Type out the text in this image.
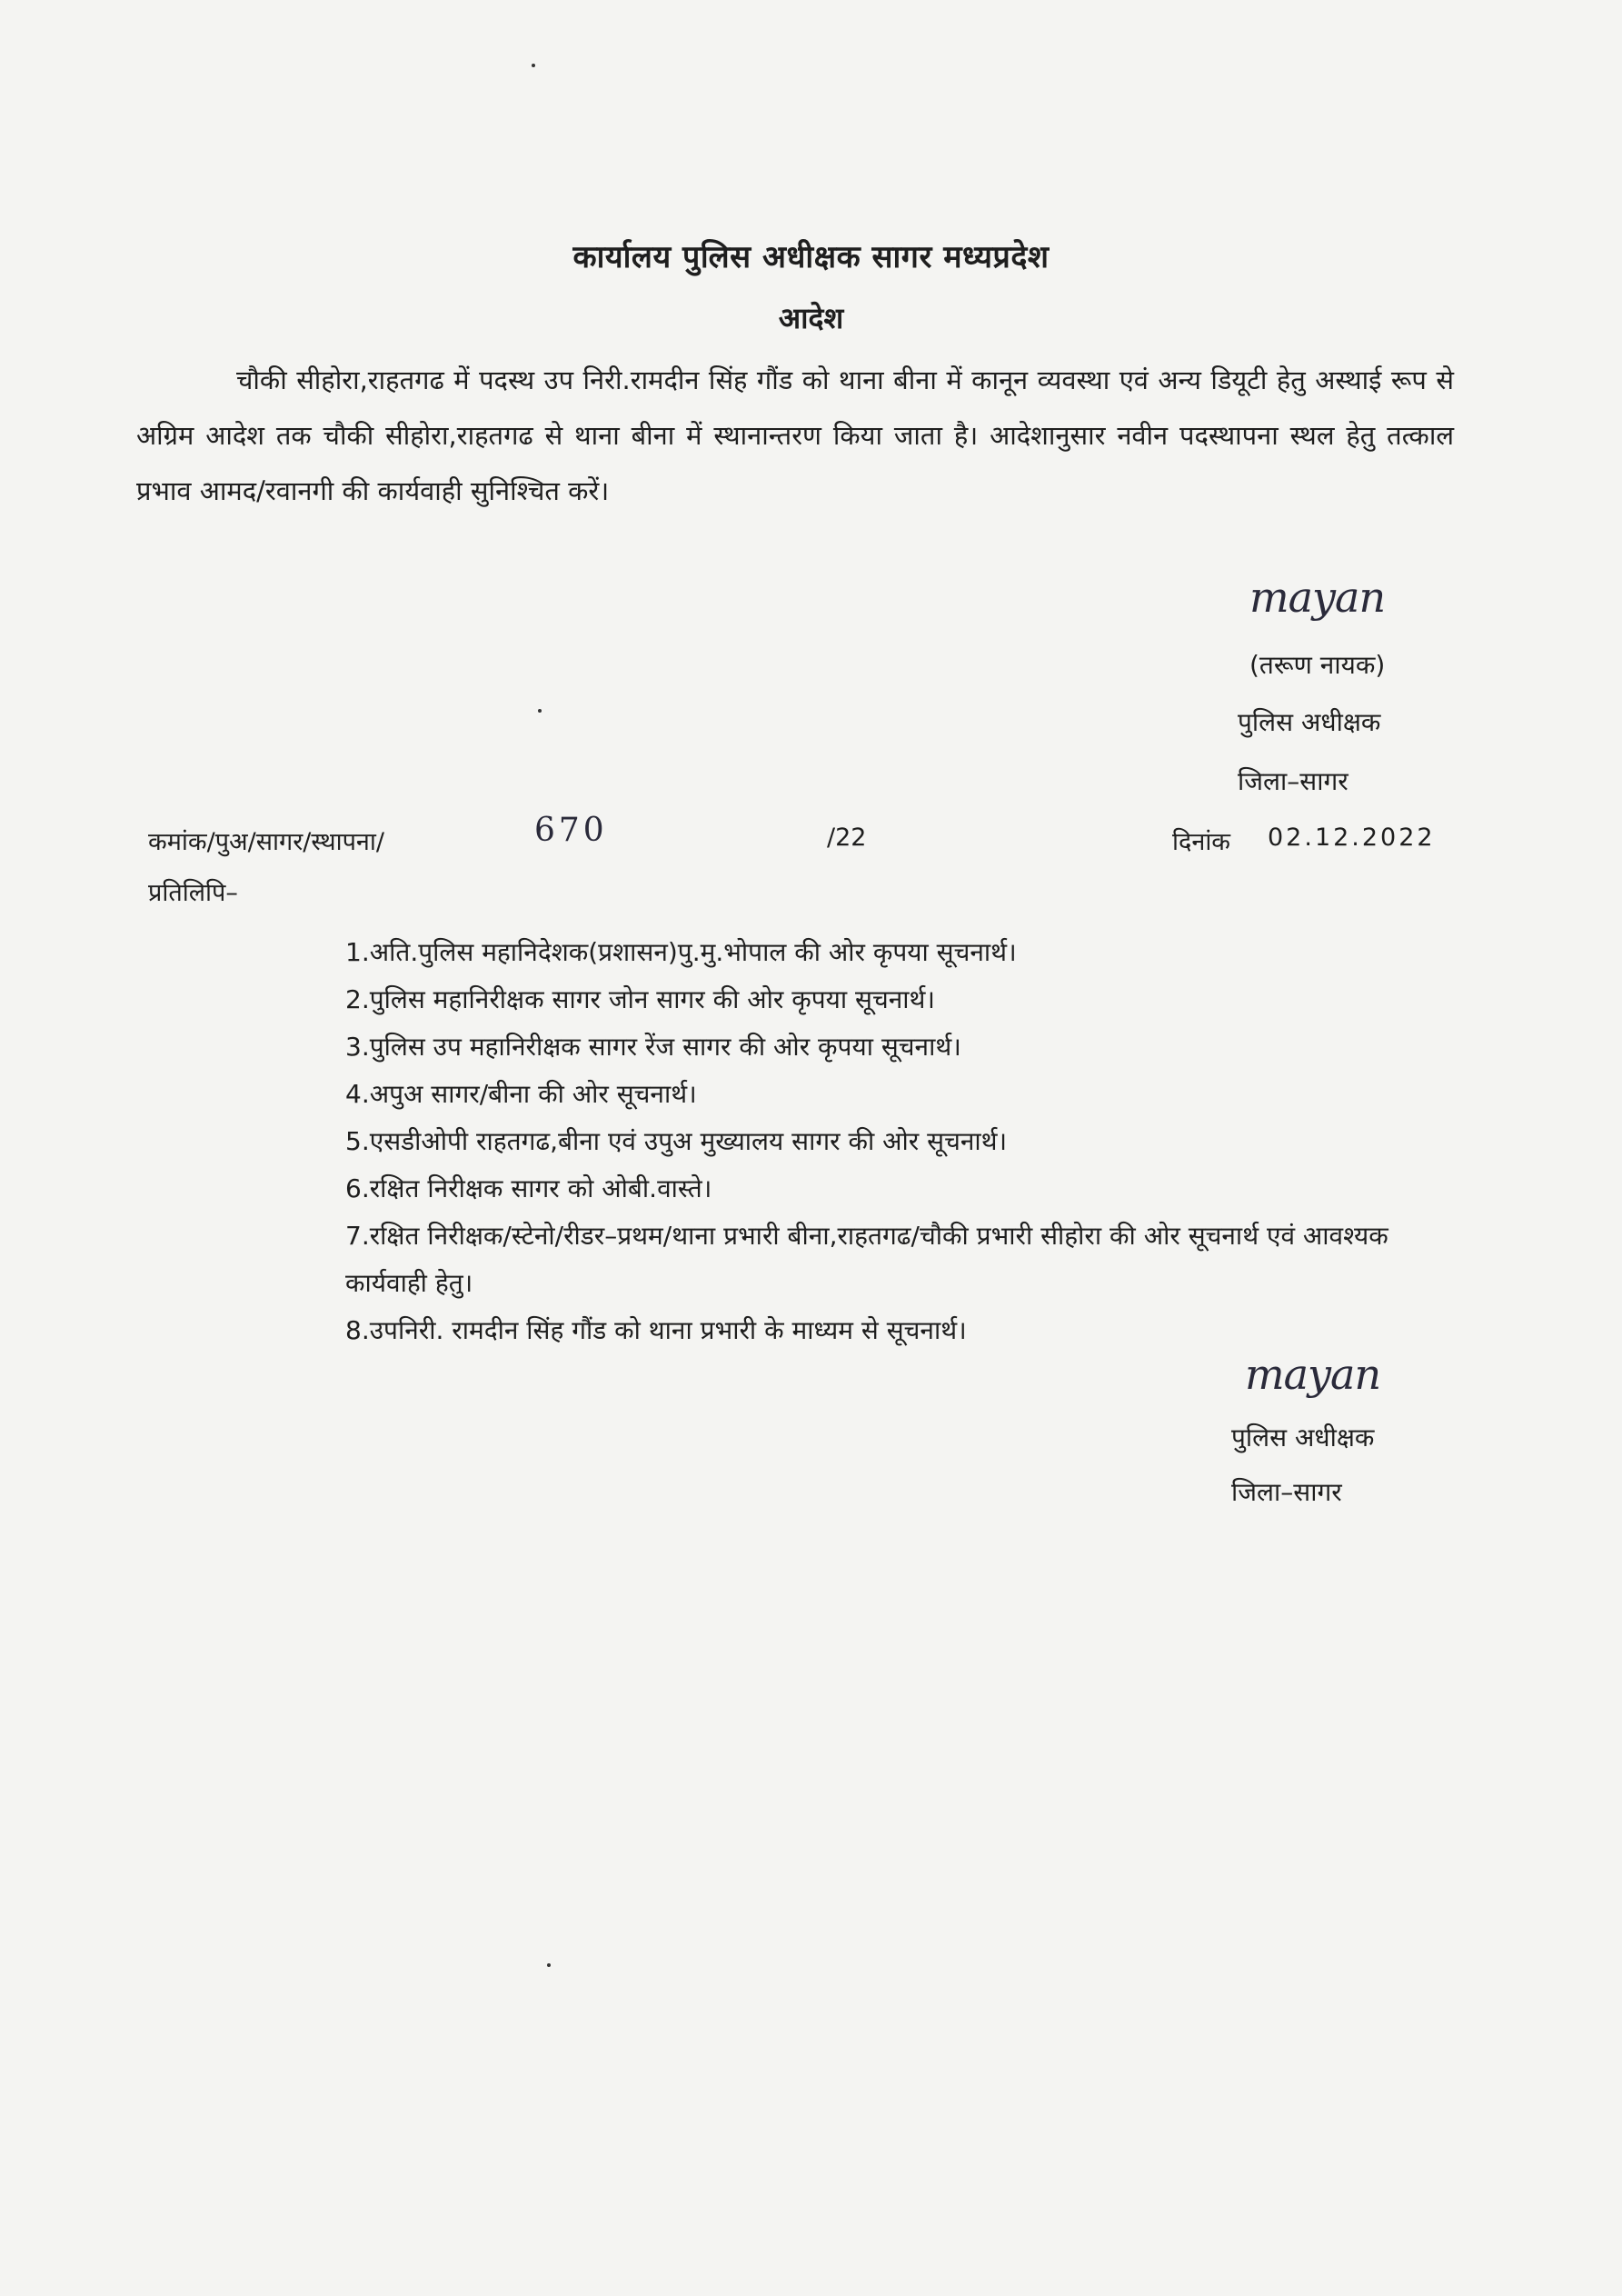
कार्यालय पुलिस अधीक्षक सागर मध्यप्रदेश
आदेश
चौकी सीहोरा,राहतगढ में पदस्थ उप निरी.रामदीन सिंह गौंड को थाना बीना में कानून व्यवस्था एवं अन्य डियूटी हेतु अस्थाई रूप से अग्रिम आदेश तक चौकी सीहोरा,राहतगढ से थाना बीना में स्थानान्तरण किया जाता है। आदेशानुसार नवीन पदस्थापना स्थल हेतु तत्काल प्रभाव आमद/रवानगी की कार्यवाही सुनिश्चित करें।
mayan
(तरूण नायक)
पुलिस अधीक्षक
जिला–सागर
कमांक/पुअ/सागर/स्थापना/	670	/22	दिनांक 02.12.2022
प्रतिलिपि–
1.अति.पुलिस महानिदेशक(प्रशासन)पु.मु.भोपाल की ओर कृपया सूचनार्थ।
2.पुलिस महानिरीक्षक सागर जोन सागर की ओर कृपया सूचनार्थ।
3.पुलिस उप महानिरीक्षक सागर रेंज सागर की ओर कृपया सूचनार्थ।
4.अपुअ सागर/बीना की ओर सूचनार्थ।
5.एसडीओपी राहतगढ,बीना एवं उपुअ मुख्यालय सागर की ओर सूचनार्थ।
6.रक्षित निरीक्षक सागर को ओबी.वास्ते।
7.रक्षित निरीक्षक/स्टेनो/रीडर–प्रथम/थाना प्रभारी बीना,राहतगढ/चौकी प्रभारी सीहोरा की ओर सूचनार्थ एवं आवश्यक कार्यवाही हेतु।
8.उपनिरी. रामदीन सिंह गौंड को थाना प्रभारी के माध्यम से सूचनार्थ।
mayan
पुलिस अधीक्षक
जिला–सागर
